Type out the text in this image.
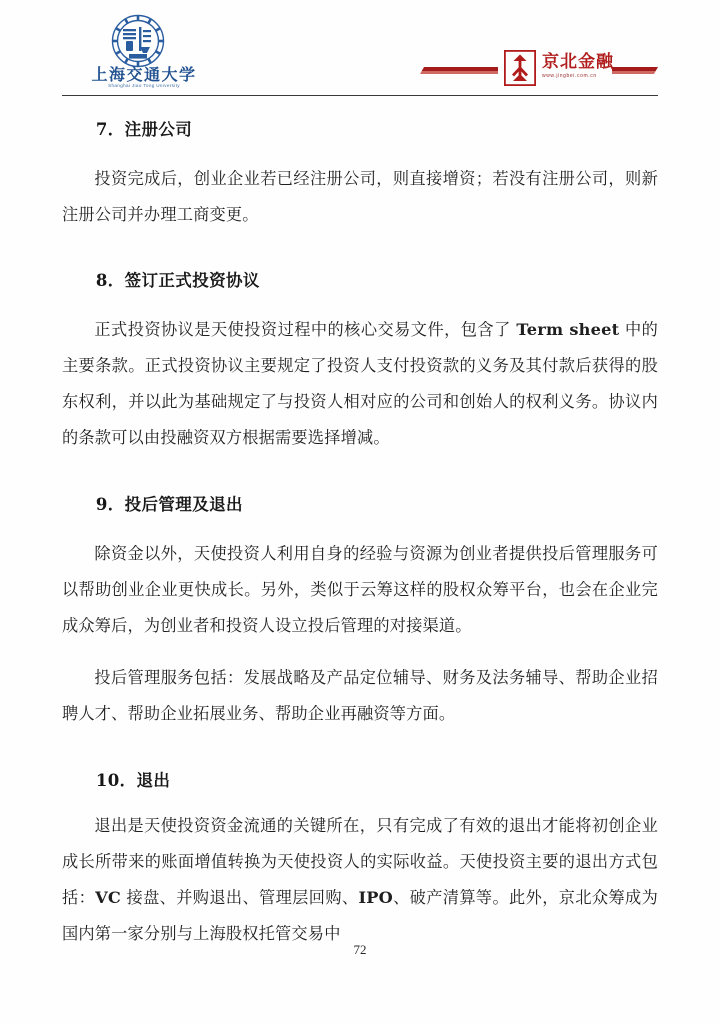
上海交通大学
Shanghai Jiao Tong University
京北金融
www.jingbei.com.cn
7．注册公司

投资完成后，创业企业若已经注册公司，则直接增资；若没有注册公司，则新注册公司并办理工商变更。

8．签订正式投资协议

正式投资协议是天使投资过程中的核心交易文件，包含了 Term sheet 中的主要条款。正式投资协议主要规定了投资人支付投资款的义务及其付款后获得的股东权利，并以此为基础规定了与投资人相对应的公司和创始人的权利义务。协议内的条款可以由投融资双方根据需要选择增减。

9．投后管理及退出

除资金以外，天使投资人利用自身的经验与资源为创业者提供投后管理服务可以帮助创业企业更快成长。另外，类似于云筹这样的股权众筹平台，也会在企业完成众筹后，为创业者和投资人设立投后管理的对接渠道。

投后管理服务包括：发展战略及产品定位辅导、财务及法务辅导、帮助企业招聘人才、帮助企业拓展业务、帮助企业再融资等方面。

10．退出

退出是天使投资资金流通的关键所在，只有完成了有效的退出才能将初创企业成长所带来的账面增值转换为天使投资人的实际收益。天使投资主要的退出方式包括：VC 接盘、并购退出、管理层回购、IPO、破产清算等。此外，京北众筹成为国内第一家分别与上海股权托管交易中

72
